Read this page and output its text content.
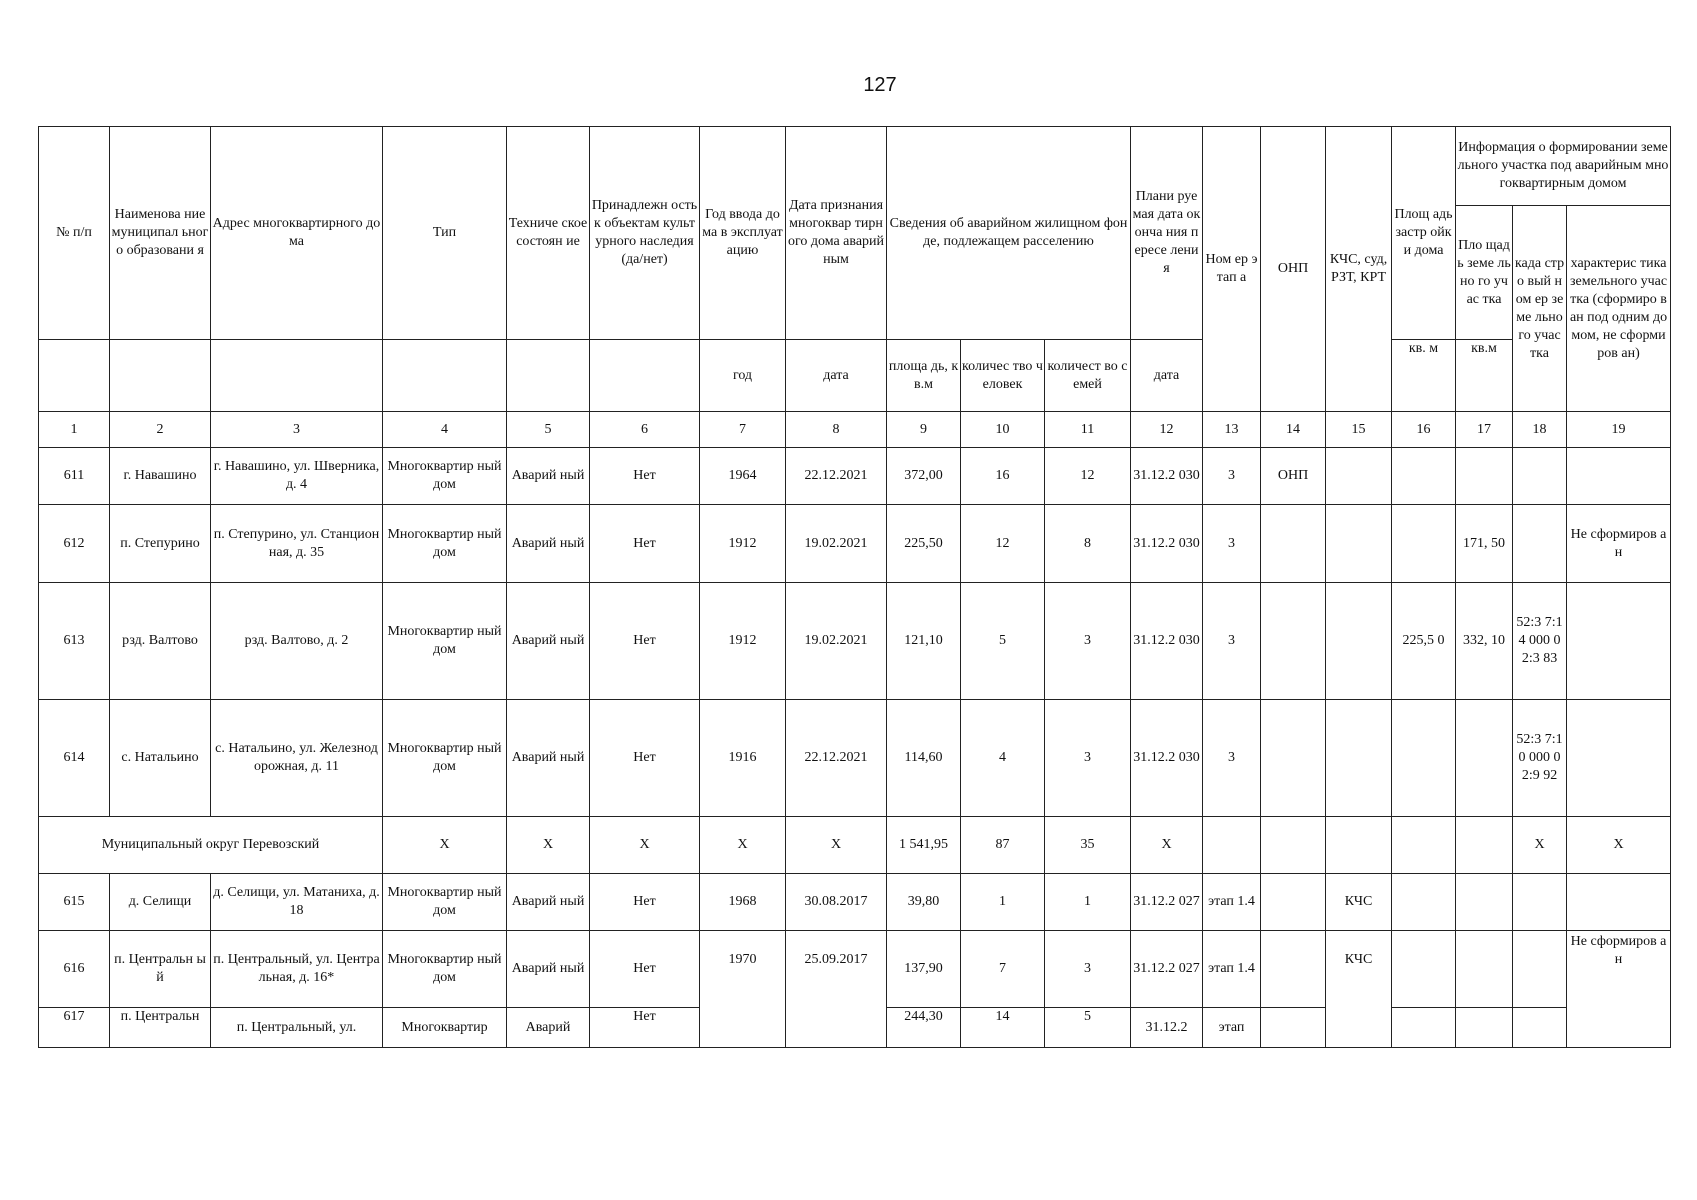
127
№ п/п	Наименова ние муниципал ьного образовани я	Адрес многоквартирного дома	Тип	Техниче ское состоян ие	Принадлежн ость к объектам культурного наследия (да/нет)	Год ввода дома в эксплуат ацию	Дата признания многоквар тирного дома аварийным	Сведения об аварийном жилищном фонде, подлежащем расселению			Плани руемая дата оконча ния пересе ления	Ном ер этап а	ОНП	КЧС, суд, РЗТ, КРТ	Площ адь застр ойки дома	Информация о формировании земельного участка под аварийным многоквартирным домом		
																Пло щадь земе льно го учас тка	када стро вый ном ер земе льно го учас тка	характерис тика земельного участка (сформиро ван под одним домом, не сформиров ан)
						год	дата	площа дь, кв.м	количес тво человек	количест во семей	дата				кв. м	кв.м		
1	2	3	4	5	6	7	8	9	10	11	12	13	14	15	16	17	18	19
611	г. Навашино	г. Навашино, ул. Шверника, д. 4	Многоквартир ный дом	Аварий ный	Нет	1964	22.12.2021	372,00	16	12	31.12.2 030	3	ОНП					
612	п. Степурино	п. Степурино, ул. Станционная, д. 35	Многоквартир ный дом	Аварий ный	Нет	1912	19.02.2021	225,50	12	8	31.12.2 030	3				171, 50		Не сформиров ан
613	рзд. Валтово	рзд. Валтово, д. 2	Многоквартир ный дом	Аварий ный	Нет	1912	19.02.2021	121,10	5	3	31.12.2 030	3			225,5 0	332, 10	52:3 7:14 000 02:3 83	
614	с. Натальино	с. Натальино, ул. Железнодорожная, д. 11	Многоквартир ный дом	Аварий ный	Нет	1916	22.12.2021	114,60	4	3	31.12.2 030	3					52:3 7:10 000 02:9 92	
Муниципальный округ Перевозский			X	X	X	X	X	1 541,95	87	35	X						X	X
615	д. Селищи	д. Селищи, ул. Матаниха, д. 18	Многоквартир ный дом	Аварий ный	Нет	1968	30.08.2017	39,80	1	1	31.12.2 027	этап 1.4		КЧС				
616	п. Центральн ый	п. Центральный, ул. Центральная, д. 16*	Многоквартир ный дом	Аварий ный	Нет	1970	25.09.2017	137,90	7	3	31.12.2 027	этап 1.4		КЧС				Не сформиров ан
617	п. Центральн	п. Центральный, ул.	Многоквартир	Аварий	Нет			244,30	14	5	31.12.2	этап						
